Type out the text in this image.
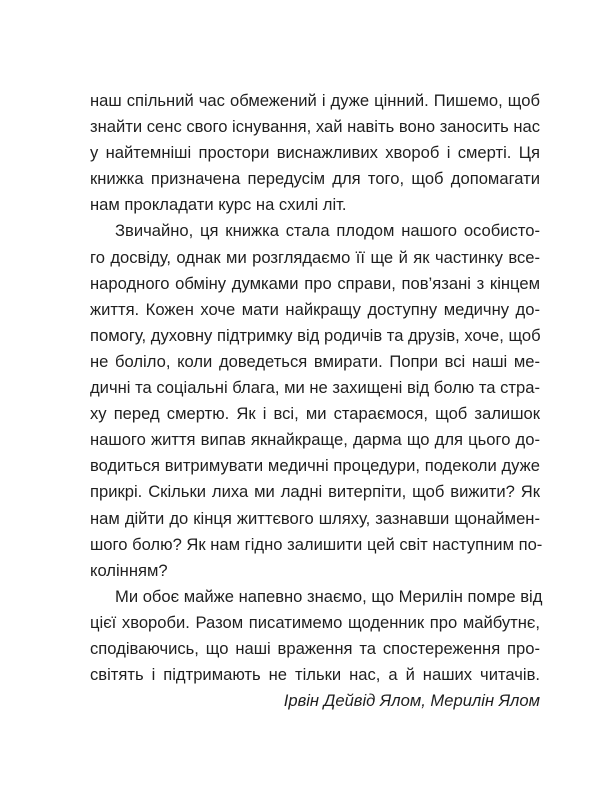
наш спільний час обмежений і дуже цінний. Пишемо, щоб
знайти сенс свого існування, хай навіть воно заносить нас
у найтемніші простори виснажливих хвороб і смерті. Ця
книжка призначена передусім для того, щоб допомагати
нам прокладати курс на схилі літ.
Звичайно, ця книжка стала плодом нашого особисто-
го досвіду, однак ми розглядаємо її ще й як частинку все-
народного обміну думками про справи, пов’язані з кінцем
життя. Кожен хоче мати найкращу доступну медичну до-
помогу, духовну підтримку від родичів та друзів, хоче, щоб
не боліло, коли доведеться вмирати. Попри всі наші ме-
дичні та соціальні блага, ми не захищені від болю та стра-
ху перед смертю. Як і всі, ми стараємося, щоб залишок
нашого життя випав якнайкраще, дарма що для цього до-
водиться витримувати медичні процедури, подеколи дуже
прикрі. Скільки лиха ми ладні витерпіти, щоб вижити? Як
нам дійти до кінця життєвого шляху, зазнавши щонаймен-
шого болю? Як нам гідно залишити цей світ наступним по-
колінням?
Ми обоє майже напевно знаємо, що Мерилін помре від
цієї хвороби. Разом писатимемо щоденник про майбутнє,
сподіваючись, що наші враження та спостереження про-
світять і підтримають не тільки нас, а й наших читачів.
Ірвін Дейвід Ялом, Мерилін Ялом
